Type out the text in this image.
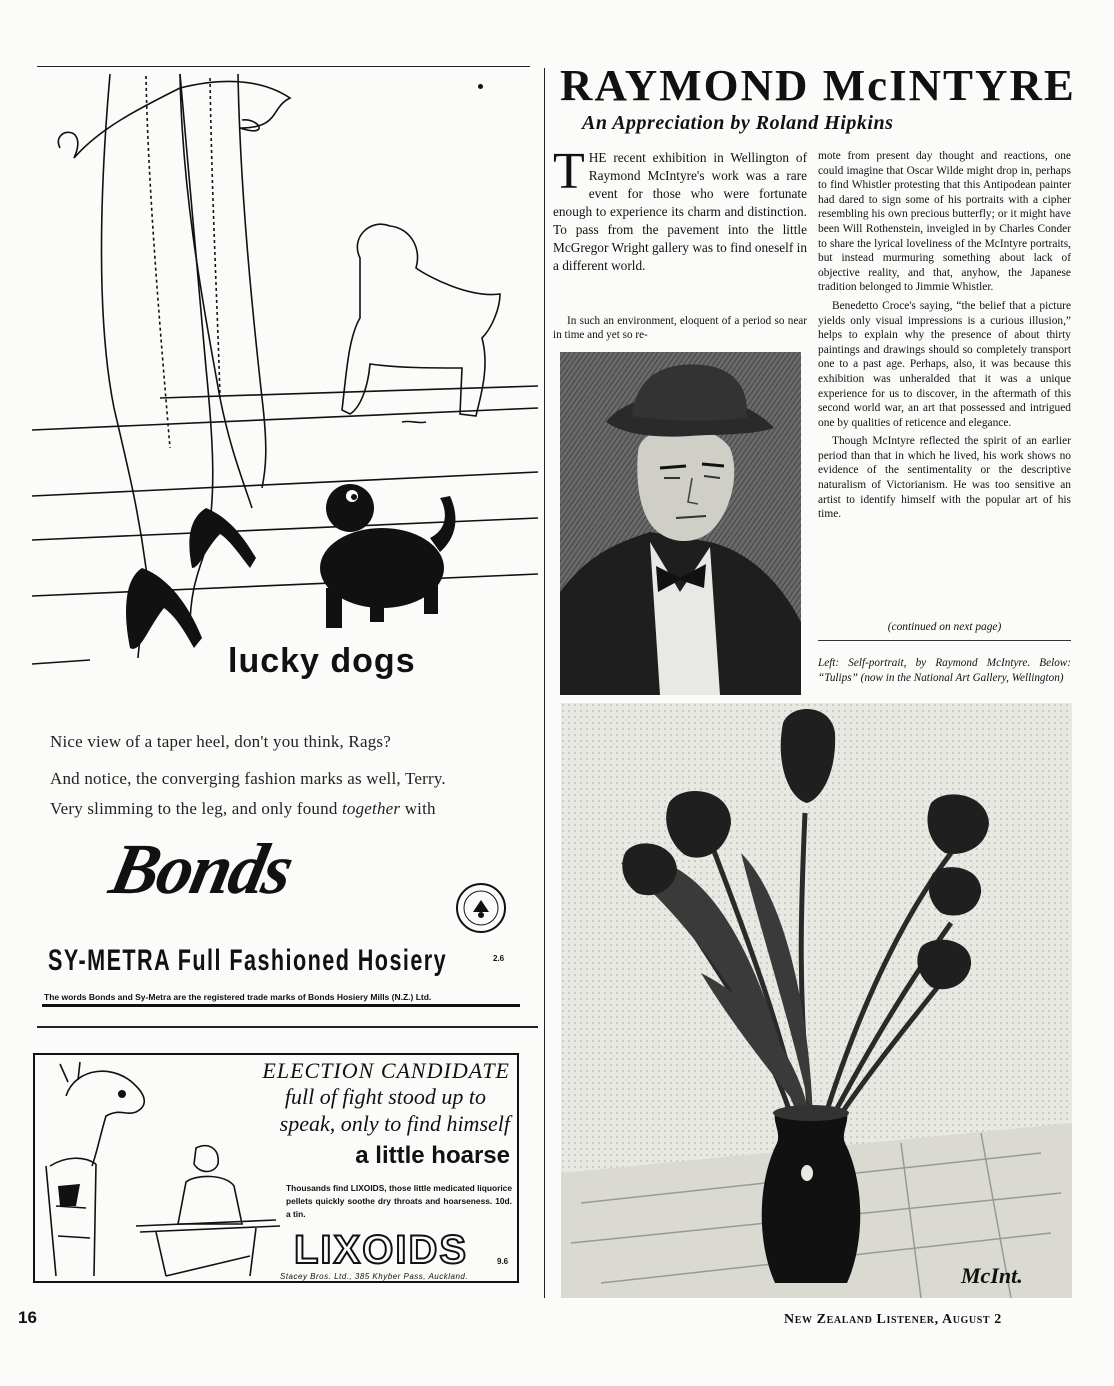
lucky dogs
Nice view of a taper heel, don't you think, Rags?
And notice, the converging fashion marks as well, Terry.
Very slimming to the leg, and only found together with
Bonds
SY-METRA Full Fashioned Hosiery	2.6
The words Bonds and Sy-Metra are the registered trade marks of Bonds Hosiery Mills (N.Z.) Ltd.
ELECTION CANDIDATE
full of fight stood up to
speak, only to find himself
a little hoarse
Thousands find LIXOIDS, those little medicated liquorice pellets quickly soothe dry throats and hoarseness. 10d. a tin.
LIXOIDS	9.6
Stacey Bros. Ltd., 385 Khyber Pass, Auckland.
RAYMOND McINTYRE
An Appreciation by Roland Hipkins

THE recent exhibition in Wellington of Raymond McIntyre's work was a rare event for those who were fortunate enough to experience its charm and distinction. To pass from the pavement into the little McGregor Wright gallery was to find oneself in a different world.

In such an environment, eloquent of a period so near in time and yet so re-

mote from present day thought and reactions, one could imagine that Oscar Wilde might drop in, perhaps to find Whistler protesting that this Antipodean painter had dared to sign some of his portraits with a cipher resembling his own precious butterfly; or it might have been Will Rothenstein, inveigled in by Charles Conder to share the lyrical loveliness of the McIntyre portraits, but instead murmuring something about lack of objective reality, and that, anyhow, the Japanese tradition belonged to Jimmie Whistler.

Benedetto Croce's saying, “the belief that a picture yields only visual impressions is a curious illusion,” helps to explain why the presence of about thirty paintings and drawings should so completely transport one to a past age. Perhaps, also, it was because this exhibition was unheralded that it was a unique experience for us to discover, in the aftermath of this second world war, an art that possessed and intrigued one by qualities of reticence and elegance.

Though McIntyre reflected the spirit of an earlier period than that in which he lived, his work shows no evidence of the sentimentality or the descriptive naturalism of Victorianism. He was too sensitive an artist to identify himself with the popular art of his time.

(continued on next page)
Left: Self-portrait, by Raymond McIntyre. Below: “Tulips” (now in the National Art Gallery, Wellington)
McInt.
16	New Zealand Listener, August 2
